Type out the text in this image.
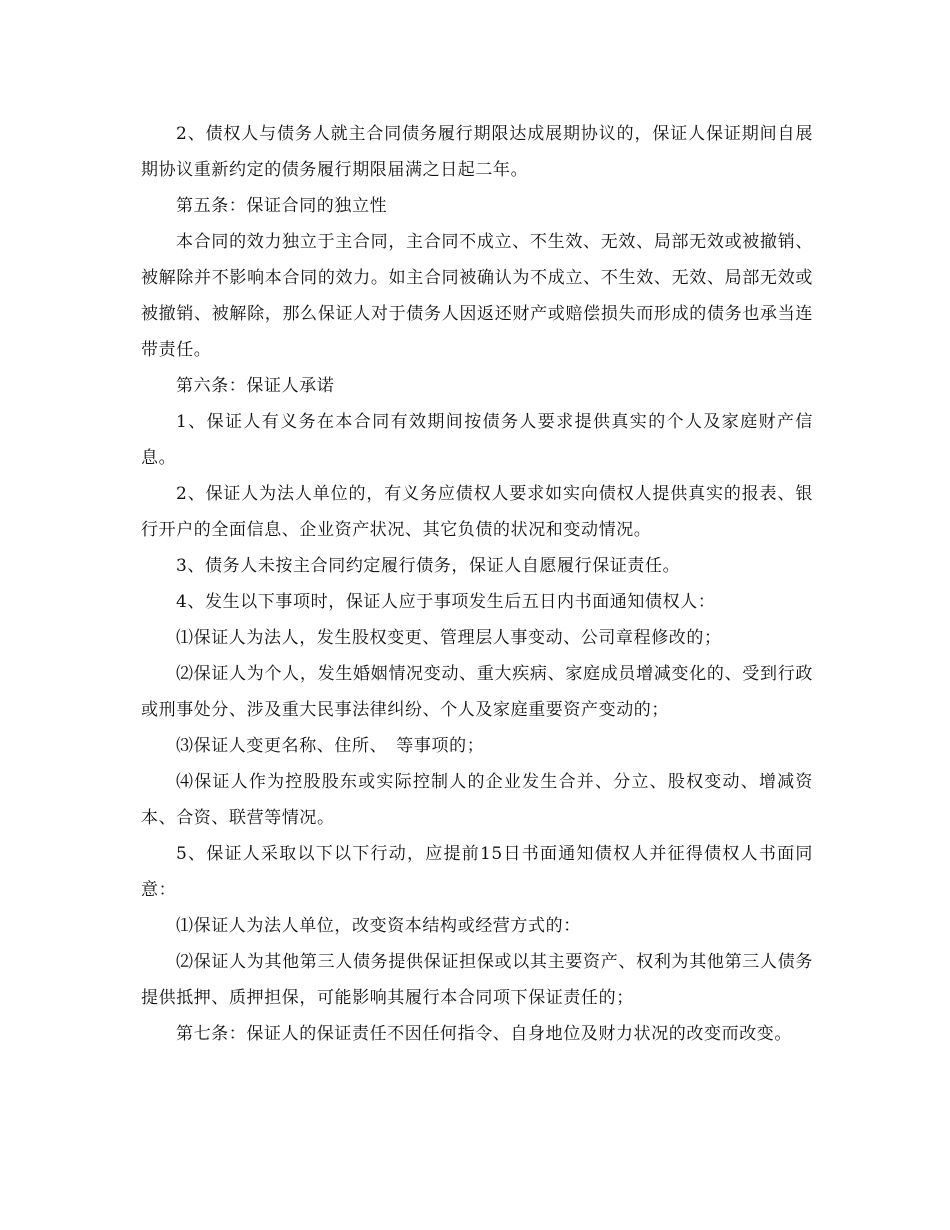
2、债权人与债务人就主合同债务履行期限达成展期协议的，保证人保证期间自展期协议重新约定的债务履行期限届满之日起二年。

第五条：保证合同的独立性

本合同的效力独立于主合同，主合同不成立、不生效、无效、局部无效或被撤销、被解除并不影响本合同的效力。如主合同被确认为不成立、不生效、无效、局部无效或被撤销、被解除，那么保证人对于债务人因返还财产或赔偿损失而形成的债务也承当连带责任。

第六条：保证人承诺

1、保证人有义务在本合同有效期间按债务人要求提供真实的个人及家庭财产信息。

2、保证人为法人单位的，有义务应债权人要求如实向债权人提供真实的报表、银行开户的全面信息、企业资产状况、其它负债的状况和变动情况。

3、债务人未按主合同约定履行债务，保证人自愿履行保证责任。

4、发生以下事项时，保证人应于事项发生后五日内书面通知债权人：

⑴保证人为法人，发生股权变更、管理层人事变动、公司章程修改的；

⑵保证人为个人，发生婚姻情况变动、重大疾病、家庭成员增减变化的、受到行政或刑事处分、涉及重大民事法律纠纷、个人及家庭重要资产变动的；

⑶保证人变更名称、住所、　等事项的；

⑷保证人作为控股股东或实际控制人的企业发生合并、分立、股权变动、增减资本、合资、联营等情况。

5、保证人采取以下以下行动，应提前15日书面通知债权人并征得债权人书面同意：

⑴保证人为法人单位，改变资本结构或经营方式的：

⑵保证人为其他第三人债务提供保证担保或以其主要资产、权利为其他第三人债务提供抵押、质押担保，可能影响其履行本合同项下保证责任的；

第七条：保证人的保证责任不因任何指令、自身地位及财力状况的改变而改变。
